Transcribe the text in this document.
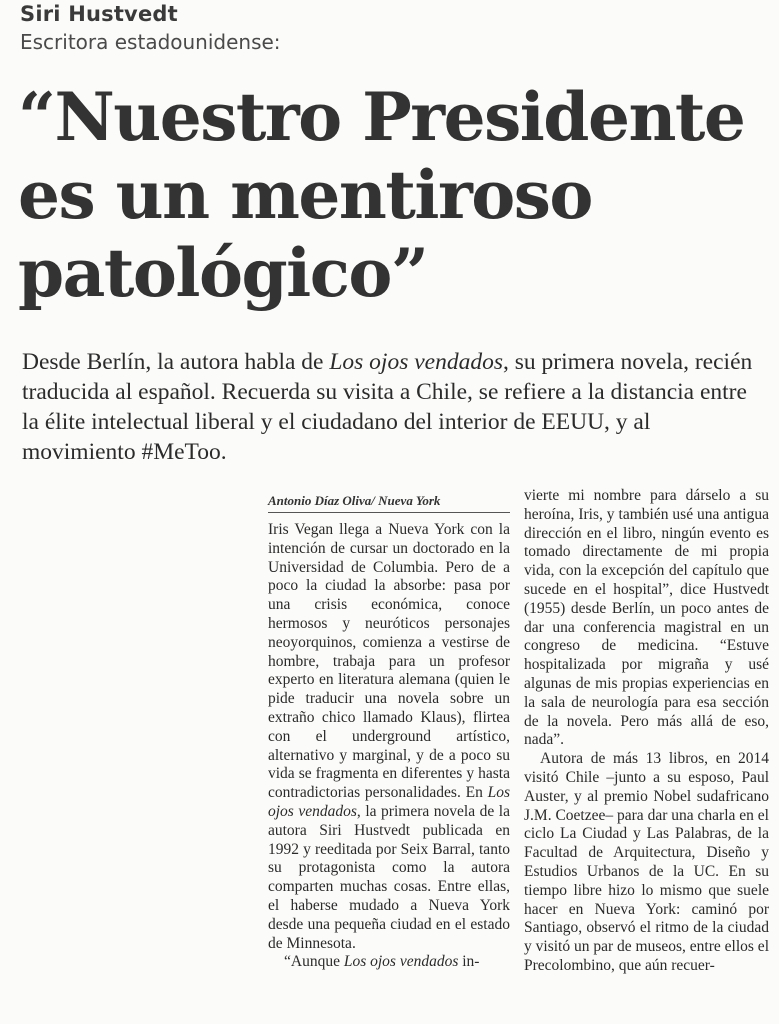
Siri Hustvedt
Escritora estadounidense:
“Nuestro Presidente
es un mentiroso
patológico”
Desde Berlín, la autora habla de Los ojos vendados, su primera novela, recién traducida al español. Recuerda su visita a Chile, se refiere a la distancia entre la élite intelectual liberal y el ciudadano del interior de EEUU, y al movimiento #MeToo.
Antonio Díaz Oliva/ Nueva York

Iris Vegan llega a Nueva York con la intención de cursar un doctorado en la Universidad de Columbia. Pero de a poco la ciudad la absorbe: pasa por una crisis económica, conoce hermosos y neuróticos personajes neoyorquinos, comienza a vestirse de hombre, trabaja para un profesor experto en literatura alemana (quien le pide traducir una novela sobre un extraño chico llamado Klaus), flirtea con el underground artístico, alternativo y marginal, y de a poco su vida se fragmenta en diferentes y hasta contradictorias personalidades. En Los ojos vendados, la primera novela de la autora Siri Hustvedt publicada en 1992 y reeditada por Seix Barral, tanto su protagonista como la autora comparten muchas cosas. Entre ellas, el haberse mudado a Nueva York desde una pequeña ciudad en el estado de Minnesota.

“Aunque Los ojos vendados in-

vierte mi nombre para dárselo a su heroína, Iris, y también usé una antigua dirección en el libro, ningún evento es tomado directamente de mi propia vida, con la excepción del capítulo que sucede en el hospital”, dice Hustvedt (1955) desde Berlín, un poco antes de dar una conferencia magistral en un congreso de medicina. “Estuve hospitalizada por migraña y usé algunas de mis propias experiencias en la sala de neurología para esa sección de la novela. Pero más allá de eso, nada”.

Autora de más 13 libros, en 2014 visitó Chile –junto a su esposo, Paul Auster, y al premio Nobel sudafricano J.M. Coetzee– para dar una charla en el ciclo La Ciudad y Las Palabras, de la Facultad de Arquitectura, Diseño y Estudios Urbanos de la UC. En su tiempo libre hizo lo mismo que suele hacer en Nueva York: caminó por Santiago, observó el ritmo de la ciudad y visitó un par de museos, entre ellos el Precolombino, que aún recuer-
